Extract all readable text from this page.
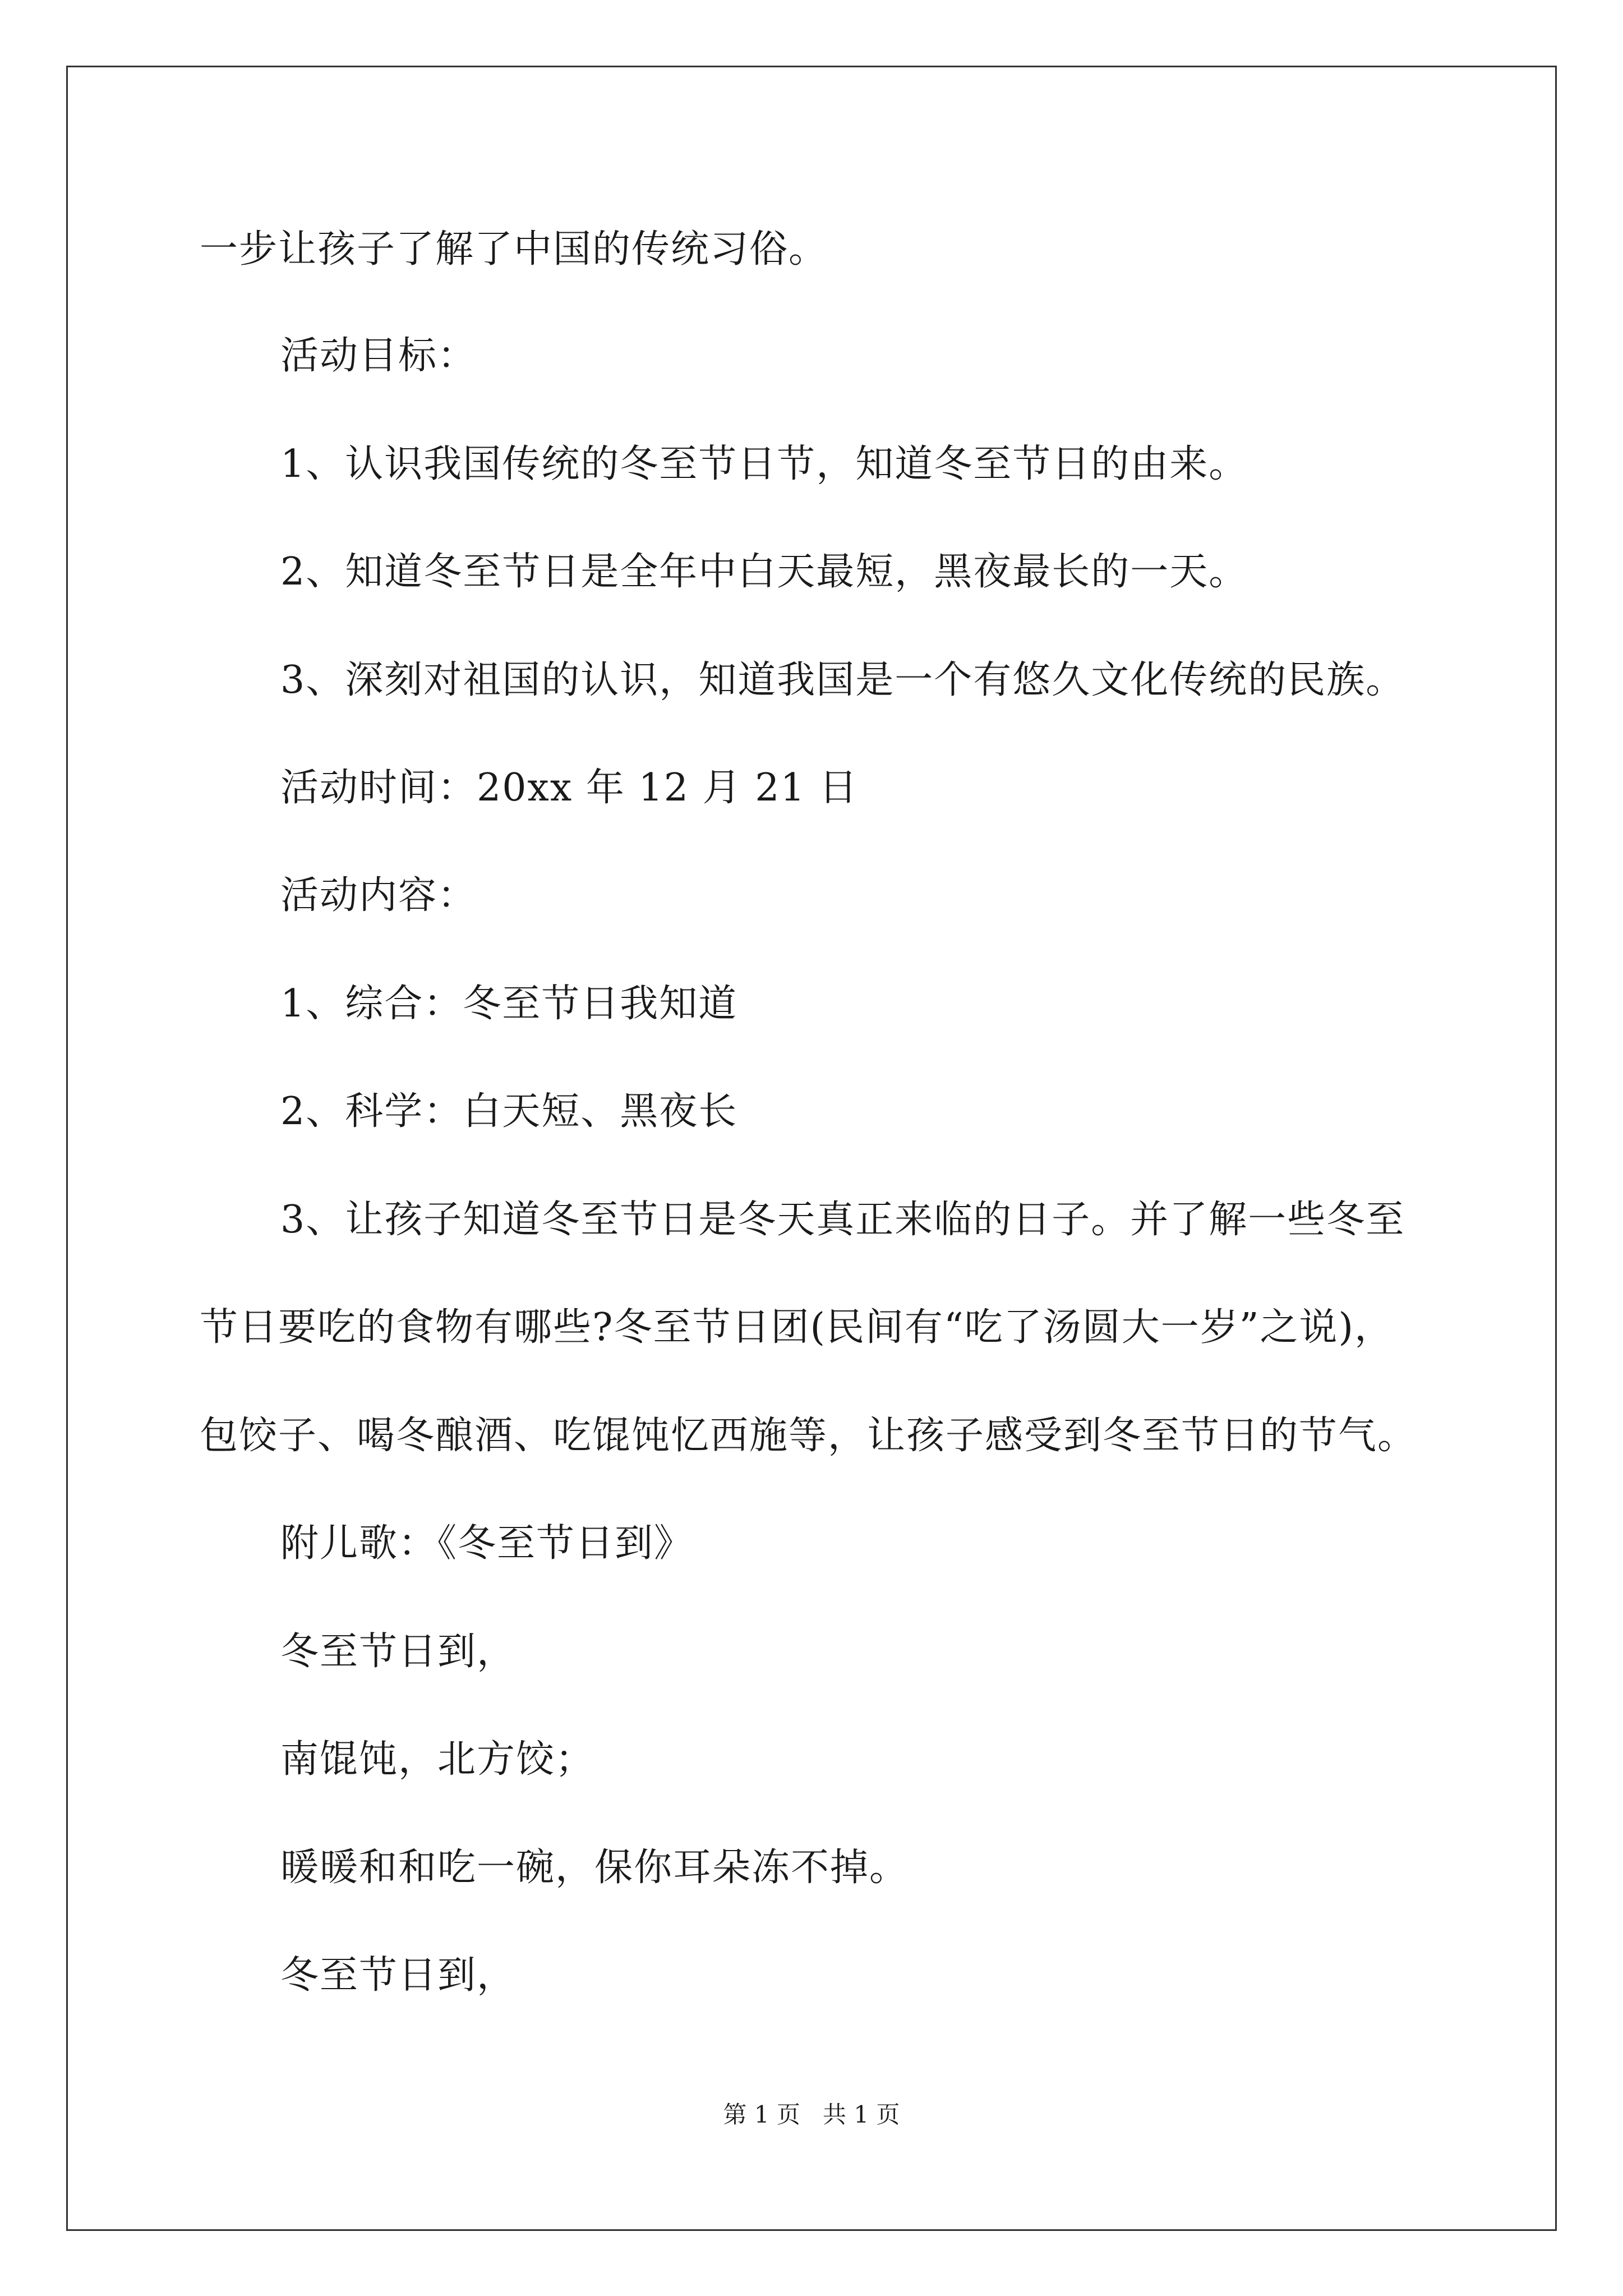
一步让孩子了解了中国的传统习俗。
活动目标：
1、认识我国传统的冬至节日节，知道冬至节日的由来。
2、知道冬至节日是全年中白天最短，黑夜最长的一天。
3、深刻对祖国的认识，知道我国是一个有悠久文化传统的民族。
活动时间：20xx 年 12 月 21 日
活动内容：
1、综合：冬至节日我知道
2、科学：白天短、黑夜长
3、让孩子知道冬至节日是冬天真正来临的日子。并了解一些冬至
节日要吃的食物有哪些?冬至节日团(民间有“吃了汤圆大一岁”之说)，
包饺子、喝冬酿酒、吃馄饨忆西施等，让孩子感受到冬至节日的节气。
附儿歌：《冬至节日到》
冬至节日到，
南馄饨，北方饺；
暖暖和和吃一碗，保你耳朵冻不掉。
冬至节日到，
第 1 页   共 1 页
